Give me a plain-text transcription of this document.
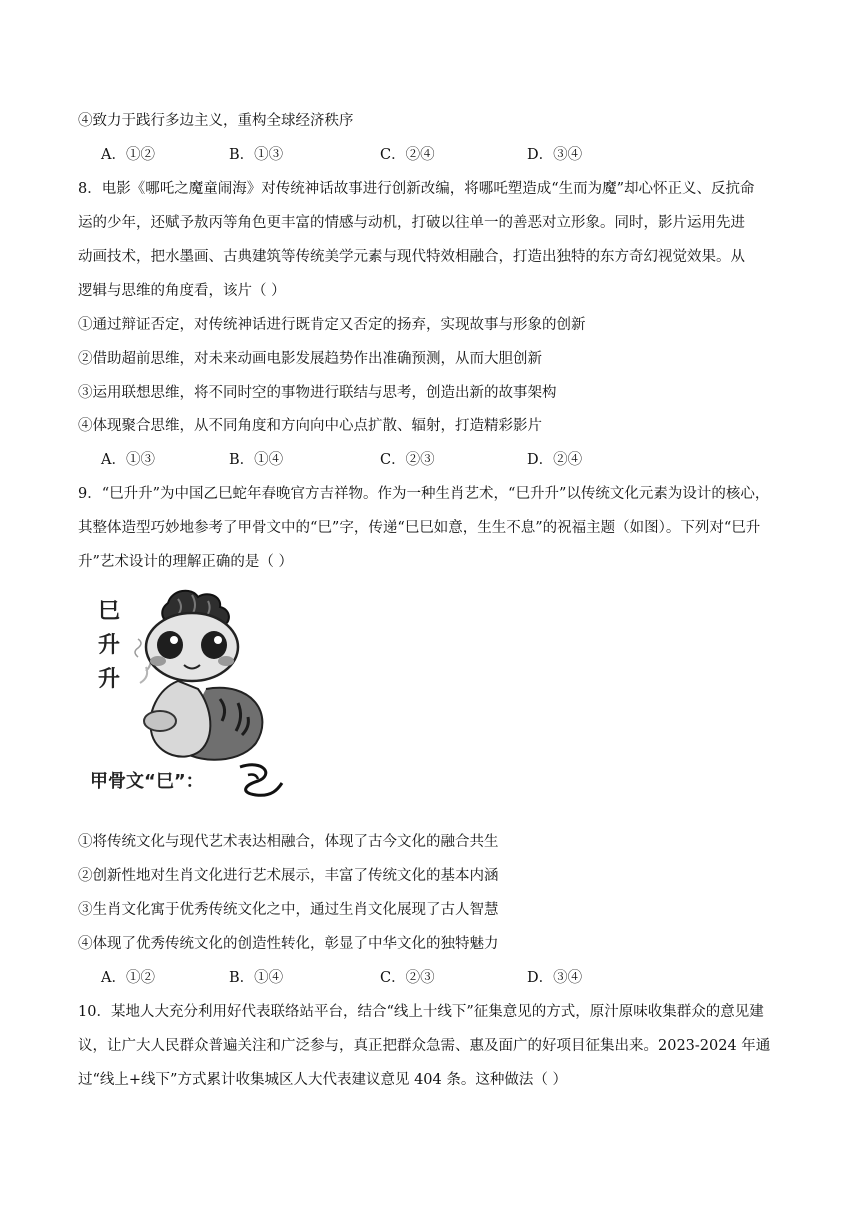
④致力于践行多边主义，重构全球经济秩序
A．①②	B．①③	C．②④	D．③④
8．电影《哪吒之魔童闹海》对传统神话故事进行创新改编，将哪吒塑造成“生而为魔”却心怀正义、反抗命
运的少年，还赋予敖丙等角色更丰富的情感与动机，打破以往单一的善恶对立形象。同时，影片运用先进
动画技术，把水墨画、古典建筑等传统美学元素与现代特效相融合，打造出独特的东方奇幻视觉效果。从
逻辑与思维的角度看，该片（ ）
①通过辩证否定，对传统神话进行既肯定又否定的扬弃，实现故事与形象的创新
②借助超前思维，对未来动画电影发展趋势作出准确预测，从而大胆创新
③运用联想思维，将不同时空的事物进行联结与思考，创造出新的故事架构
④体现聚合思维，从不同角度和方向向中心点扩散、辐射，打造精彩影片
A．①③	B．①④	C．②③	D．②④
9．“巳升升”为中国乙巳蛇年春晚官方吉祥物。作为一种生肖艺术，“巳升升”以传统文化元素为设计的核心，
其整体造型巧妙地参考了甲骨文中的“巳”字，传递“巳巳如意，生生不息”的祝福主题（如图）。下列对“巳升
升”艺术设计的理解正确的是（ ）
巳
升
升
甲骨文“巳”：
①将传统文化与现代艺术表达相融合，体现了古今文化的融合共生
②创新性地对生肖文化进行艺术展示，丰富了传统文化的基本内涵
③生肖文化寓于优秀传统文化之中，通过生肖文化展现了古人智慧
④体现了优秀传统文化的创造性转化，彰显了中华文化的独特魅力
A．①②	B．①④	C．②③	D．③④
10．某地人大充分利用好代表联络站平台，结合“线上十线下”征集意见的方式，原汁原味收集群众的意见建
议，让广大人民群众普遍关注和广泛参与，真正把群众急需、惠及面广的好项目征集出来。2023-2024 年通
过“线上+线下”方式累计收集城区人大代表建议意见 404 条。这种做法（ ）
